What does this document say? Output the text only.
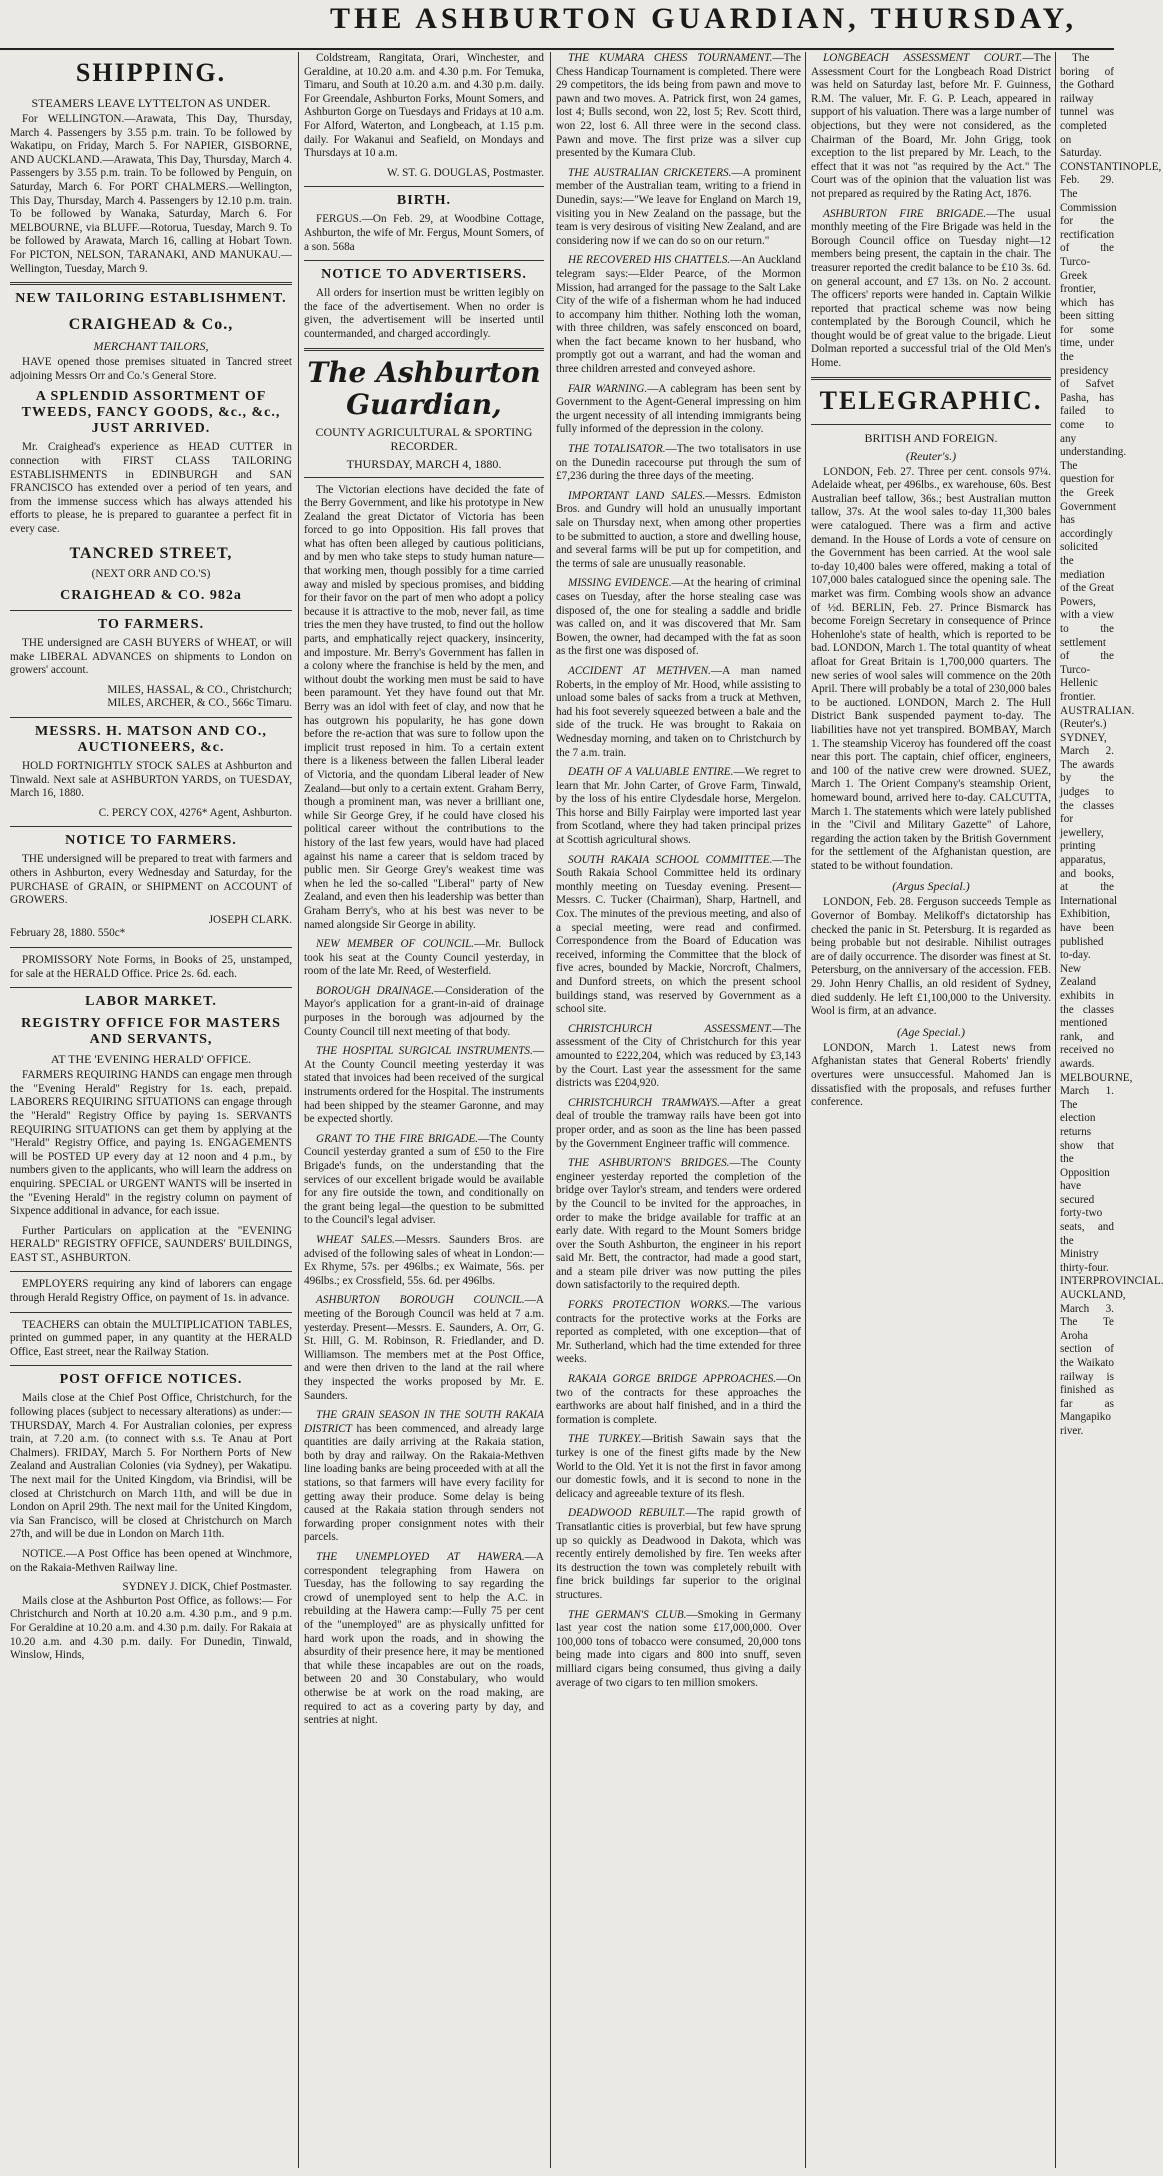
THE ASHBURTON GUARDIAN, THURSDAY,
SHIPPING.
STEAMERS LEAVE LYTTELTON AS UNDER.

For WELLINGTON.—Arawata, This Day, Thursday, March 4. Passengers by 3.55 p.m. train. To be followed by Wakatipu, on Friday, March 5. For NAPIER, GISBORNE, AND AUCKLAND.—Arawata, This Day, Thursday, March 4. Passengers by 3.55 p.m. train. To be followed by Penguin, on Saturday, March 6. For PORT CHALMERS.—Wellington, This Day, Thursday, March 4. Passengers by 12.10 p.m. train. To be followed by Wanaka, Saturday, March 6. For MELBOURNE, via BLUFF.—Rotorua, Tuesday, March 9. To be followed by Arawata, March 16, calling at Hobart Town. For PICTON, NELSON, TARANAKI, AND MANUKAU.—Wellington, Tuesday, March 9.

NEW TAILORING ESTABLISHMENT.
CRAIGHEAD & Co.,
MERCHANT TAILORS,

HAVE opened those premises situated in Tancred street adjoining Messrs Orr and Co.'s General Store.

A SPLENDID ASSORTMENT OF TWEEDS, FANCY GOODS, &c., &c., JUST ARRIVED.

Mr. Craighead's experience as HEAD CUTTER in connection with FIRST CLASS TAILORING ESTABLISHMENTS in EDINBURGH and SAN FRANCISCO has extended over a period of ten years, and from the immense success which has always attended his efforts to please, he is prepared to guarantee a perfect fit in every case.

TANCRED STREET,
(NEXT ORR AND CO.'S)
CRAIGHEAD & CO. 982a
TO FARMERS.

THE undersigned are CASH BUYERS of WHEAT, or will make LIBERAL ADVANCES on shipments to London on growers' account.

MILES, HASSAL, & CO., Christchurch;
MILES, ARCHER, & CO., 566c Timaru.
MESSRS. H. MATSON AND CO., AUCTIONEERS, &c.

HOLD FORTNIGHTLY STOCK SALES at Ashburton and Tinwald. Next sale at ASHBURTON YARDS, on TUESDAY, March 16, 1880.

C. PERCY COX, 4276* Agent, Ashburton.
NOTICE TO FARMERS.

THE undersigned will be prepared to treat with farmers and others in Ashburton, every Wednesday and Saturday, for the PURCHASE of GRAIN, or SHIPMENT on ACCOUNT of GROWERS.

JOSEPH CLARK.
February 28, 1880. 550c*

PROMISSORY Note Forms, in Books of 25, unstamped, for sale at the HERALD Office. Price 2s. 6d. each.

LABOR MARKET.
REGISTRY OFFICE FOR MASTERS AND SERVANTS,
AT THE 'EVENING HERALD' OFFICE.

FARMERS REQUIRING HANDS can engage men through the "Evening Herald" Registry for 1s. each, prepaid. LABORERS REQUIRING SITUATIONS can engage through the "Herald" Registry Office by paying 1s. SERVANTS REQUIRING SITUATIONS can get them by applying at the "Herald" Registry Office, and paying 1s. ENGAGEMENTS will be POSTED UP every day at 12 noon and 4 p.m., by numbers given to the applicants, who will learn the address on enquiring. SPECIAL or URGENT WANTS will be inserted in the "Evening Herald" in the registry column on payment of Sixpence additional in advance, for each issue.

Further Particulars on application at the "EVENING HERALD" REGISTRY OFFICE, SAUNDERS' BUILDINGS, EAST ST., ASHBURTON.

EMPLOYERS requiring any kind of laborers can engage through Herald Registry Office, on payment of 1s. in advance.

TEACHERS can obtain the MULTIPLICATION TABLES, printed on gummed paper, in any quantity at the HERALD Office, East street, near the Railway Station.

POST OFFICE NOTICES.

Mails close at the Chief Post Office, Christchurch, for the following places (subject to necessary alterations) as under:— THURSDAY, March 4. For Australian colonies, per express train, at 7.20 a.m. (to connect with s.s. Te Anau at Port Chalmers). FRIDAY, March 5. For Northern Ports of New Zealand and Australian Colonies (via Sydney), per Wakatipu. The next mail for the United Kingdom, via Brindisi, will be closed at Christchurch on March 11th, and will be due in London on April 29th. The next mail for the United Kingdom, via San Francisco, will be closed at Christchurch on March 27th, and will be due in London on March 11th.

NOTICE.—A Post Office has been opened at Winchmore, on the Rakaia-Methven Railway line.

SYDNEY J. DICK, Chief Postmaster.

Mails close at the Ashburton Post Office, as follows:— For Christchurch and North at 10.20 a.m. 4.30 p.m., and 9 p.m. For Geraldine at 10.20 a.m. and 4.30 p.m. daily. For Rakaia at 10.20 a.m. and 4.30 p.m. daily. For Dunedin, Tinwald, Winslow, Hinds,

Coldstream, Rangitata, Orari, Winchester, and Geraldine, at 10.20 a.m. and 4.30 p.m. For Temuka, Timaru, and South at 10.20 a.m. and 4.30 p.m. daily. For Greendale, Ashburton Forks, Mount Somers, and Ashburton Gorge on Tuesdays and Fridays at 10 a.m. For Alford, Waterton, and Longbeach, at 1.15 p.m. daily. For Wakanui and Seafield, on Mondays and Thursdays at 10 a.m.

W. ST. G. DOUGLAS, Postmaster.
BIRTH.

FERGUS.—On Feb. 29, at Woodbine Cottage, Ashburton, the wife of Mr. Fergus, Mount Somers, of a son. 568a

NOTICE TO ADVERTISERS.

All orders for insertion must be written legibly on the face of the advertisement. When no order is given, the advertisement will be inserted until countermanded, and charged accordingly.

The Ashburton Guardian,
COUNTY AGRICULTURAL & SPORTING RECORDER.
THURSDAY, MARCH 4, 1880.

The Victorian elections have decided the fate of the Berry Government, and like his prototype in New Zealand the great Dictator of Victoria has been forced to go into Opposition. His fall proves that what has often been alleged by cautious politicians, and by men who take steps to study human nature—that working men, though possibly for a time carried away and misled by specious promises, and bidding for their favor on the part of men who adopt a policy because it is attractive to the mob, never fail, as time tries the men they have trusted, to find out the hollow parts, and emphatically reject quackery, insincerity, and imposture. Mr. Berry's Government has fallen in a colony where the franchise is held by the men, and without doubt the working men must be said to have been paramount. Yet they have found out that Mr. Berry was an idol with feet of clay, and now that he has outgrown his popularity, he has gone down before the re-action that was sure to follow upon the implicit trust reposed in him. To a certain extent there is a likeness between the fallen Liberal leader of Victoria, and the quondam Liberal leader of New Zealand—but only to a certain extent. Graham Berry, though a prominent man, was never a brilliant one, while Sir George Grey, if he could have closed his political career without the contributions to the history of the last few years, would have had placed against his name a career that is seldom traced by public men. Sir George Grey's weakest time was when he led the so-called "Liberal" party of New Zealand, and even then his leadership was better than Graham Berry's, who at his best was never to be named alongside Sir George in ability.

NEW MEMBER OF COUNCIL.—Mr. Bullock took his seat at the County Council yesterday, in room of the late Mr. Reed, of Westerfield.

BOROUGH DRAINAGE.—Consideration of the Mayor's application for a grant-in-aid of drainage purposes in the borough was adjourned by the County Council till next meeting of that body.

THE HOSPITAL SURGICAL INSTRUMENTS.—At the County Council meeting yesterday it was stated that invoices had been received of the surgical instruments ordered for the Hospital. The instruments had been shipped by the steamer Garonne, and may be expected shortly.

GRANT TO THE FIRE BRIGADE.—The County Council yesterday granted a sum of £50 to the Fire Brigade's funds, on the understanding that the services of our excellent brigade would be available for any fire outside the town, and conditionally on the grant being legal—the question to be submitted to the Council's legal adviser.

WHEAT SALES.—Messrs. Saunders Bros. are advised of the following sales of wheat in London:—Ex Rhyme, 57s. per 496lbs.; ex Waimate, 56s. per 496lbs.; ex Crossfield, 55s. 6d. per 496lbs.

ASHBURTON BOROUGH COUNCIL.—A meeting of the Borough Council was held at 7 a.m. yesterday. Present—Messrs. E. Saunders, A. Orr, G. St. Hill, G. M. Robinson, R. Friedlander, and D. Williamson. The members met at the Post Office, and were then driven to the land at the rail where they inspected the works proposed by Mr. E. Saunders.

THE GRAIN SEASON IN THE SOUTH RAKAIA DISTRICT has been commenced, and already large quantities are daily arriving at the Rakaia station, both by dray and railway. On the Rakaia-Methven line loading banks are being proceeded with at all the stations, so that farmers will have every facility for getting away their produce. Some delay is being caused at the Rakaia station through senders not forwarding proper consignment notes with their parcels.

THE UNEMPLOYED AT HAWERA.—A correspondent telegraphing from Hawera on Tuesday, has the following to say regarding the crowd of unemployed sent to help the A.C. in rebuilding at the Hawera camp:—Fully 75 per cent of the "unemployed" are as physically unfitted for hard work upon the roads, and in showing the absurdity of their presence here, it may be mentioned that while these incapables are out on the roads, between 20 and 30 Constabulary, who would otherwise be at work on the road making, are required to act as a covering party by day, and sentries at night.

THE KUMARA CHESS TOURNAMENT.—The Chess Handicap Tournament is completed. There were 29 competitors, the ids being from pawn and move to pawn and two moves. A. Patrick first, won 24 games, lost 4; Bulls second, won 22, lost 5; Rev. Scott third, won 22, lost 6. All three were in the second class. Pawn and move. The first prize was a silver cup presented by the Kumara Club.

THE AUSTRALIAN CRICKETERS.—A prominent member of the Australian team, writing to a friend in Dunedin, says:—"We leave for England on March 19, visiting you in New Zealand on the passage, but the team is very desirous of visiting New Zealand, and are considering now if we can do so on our return."

HE RECOVERED HIS CHATTELS.—An Auckland telegram says:—Elder Pearce, of the Mormon Mission, had arranged for the passage to the Salt Lake City of the wife of a fisherman whom he had induced to accompany him thither. Nothing loth the woman, with three children, was safely ensconced on board, when the fact became known to her husband, who promptly got out a warrant, and had the woman and three children arrested and conveyed ashore.

FAIR WARNING.—A cablegram has been sent by Government to the Agent-General impressing on him the urgent necessity of all intending immigrants being fully informed of the depression in the colony.

THE TOTALISATOR.—The two totalisators in use on the Dunedin racecourse put through the sum of £7,236 during the three days of the meeting.

IMPORTANT LAND SALES.—Messrs. Edmiston Bros. and Gundry will hold an unusually important sale on Thursday next, when among other properties to be submitted to auction, a store and dwelling house, and several farms will be put up for competition, and the terms of sale are unusually reasonable.

MISSING EVIDENCE.—At the hearing of criminal cases on Tuesday, after the horse stealing case was disposed of, the one for stealing a saddle and bridle was called on, and it was discovered that Mr. Sam Bowen, the owner, had decamped with the fat as soon as the first one was disposed of.

ACCIDENT AT METHVEN.—A man named Roberts, in the employ of Mr. Hood, while assisting to unload some bales of sacks from a truck at Methven, had his foot severely squeezed between a bale and the side of the truck. He was brought to Rakaia on Wednesday morning, and taken on to Christchurch by the 7 a.m. train.

DEATH OF A VALUABLE ENTIRE.—We regret to learn that Mr. John Carter, of Grove Farm, Tinwald, by the loss of his entire Clydesdale horse, Mergelon. This horse and Billy Fairplay were imported last year from Scotland, where they had taken principal prizes at Scottish agricultural shows.

SOUTH RAKAIA SCHOOL COMMITTEE.—The South Rakaia School Committee held its ordinary monthly meeting on Tuesday evening. Present—Messrs. C. Tucker (Chairman), Sharp, Hartnell, and Cox. The minutes of the previous meeting, and also of a special meeting, were read and confirmed. Correspondence from the Board of Education was received, informing the Committee that the block of five acres, bounded by Mackie, Norcroft, Chalmers, and Dunford streets, on which the present school buildings stand, was reserved by Government as a school site.

CHRISTCHURCH ASSESSMENT.—The assessment of the City of Christchurch for this year amounted to £222,204, which was reduced by £3,143 by the Court. Last year the assessment for the same districts was £204,920.

CHRISTCHURCH TRAMWAYS.—After a great deal of trouble the tramway rails have been got into proper order, and as soon as the line has been passed by the Government Engineer traffic will commence.

THE ASHBURTON'S BRIDGES.—The County engineer yesterday reported the completion of the bridge over Taylor's stream, and tenders were ordered by the Council to be invited for the approaches, in order to make the bridge available for traffic at an early date. With regard to the Mount Somers bridge over the South Ashburton, the engineer in his report said Mr. Bett, the contractor, had made a good start, and a steam pile driver was now putting the piles down satisfactorily to the required depth.

FORKS PROTECTION WORKS.—The various contracts for the protective works at the Forks are reported as completed, with one exception—that of Mr. Sutherland, which had the time extended for three weeks.

RAKAIA GORGE BRIDGE APPROACHES.—On two of the contracts for these approaches the earthworks are about half finished, and in a third the formation is complete.

THE TURKEY.—British Sawain says that the turkey is one of the finest gifts made by the New World to the Old. Yet it is not the first in favor among our domestic fowls, and it is second to none in the delicacy and agreeable texture of its flesh.

DEADWOOD REBUILT.—The rapid growth of Transatlantic cities is proverbial, but few have sprung up so quickly as Deadwood in Dakota, which was recently entirely demolished by fire. Ten weeks after its destruction the town was completely rebuilt with fine brick buildings far superior to the original structures.

THE GERMAN'S CLUB.—Smoking in Germany last year cost the nation some £17,000,000. Over 100,000 tons of tobacco were consumed, 20,000 tons being made into cigars and 800 into snuff, seven milliard cigars being consumed, thus giving a daily average of two cigars to ten million smokers.

LONGBEACH ASSESSMENT COURT.—The Assessment Court for the Longbeach Road District was held on Saturday last, before Mr. F. Guinness, R.M. The valuer, Mr. F. G. P. Leach, appeared in support of his valuation. There was a large number of objections, but they were not considered, as the Chairman of the Board, Mr. John Grigg, took exception to the list prepared by Mr. Leach, to the effect that it was not "as required by the Act." The Court was of the opinion that the valuation list was not prepared as required by the Rating Act, 1876.

ASHBURTON FIRE BRIGADE.—The usual monthly meeting of the Fire Brigade was held in the Borough Council office on Tuesday night—12 members being present, the captain in the chair. The treasurer reported the credit balance to be £10 3s. 6d. on general account, and £7 13s. on No. 2 account. The officers' reports were handed in. Captain Wilkie reported that practical scheme was now being contemplated by the Borough Council, which he thought would be of great value to the brigade. Lieut Dolman reported a successful trial of the Old Men's Home.

TELEGRAPHIC.
BRITISH AND FOREIGN.
(Reuter's.)

LONDON, Feb. 27. Three per cent. consols 97¼. Adelaide wheat, per 496lbs., ex warehouse, 60s. Best Australian beef tallow, 36s.; best Australian mutton tallow, 37s. At the wool sales to-day 11,300 bales were catalogued. There was a firm and active demand. In the House of Lords a vote of censure on the Government has been carried. At the wool sale to-day 10,400 bales were offered, making a total of 107,000 bales catalogued since the opening sale. The market was firm. Combing wools show an advance of ½d. BERLIN, Feb. 27. Prince Bismarck has become Foreign Secretary in consequence of Prince Hohenlohe's state of health, which is reported to be bad. LONDON, March 1. The total quantity of wheat afloat for Great Britain is 1,700,000 quarters. The new series of wool sales will commence on the 20th April. There will probably be a total of 230,000 bales to be auctioned. LONDON, March 2. The Hull District Bank suspended payment to-day. The liabilities have not yet transpired. BOMBAY, March 1. The steamship Viceroy has foundered off the coast near this port. The captain, chief officer, engineers, and 100 of the native crew were drowned. SUEZ, March 1. The Orient Company's steamship Orient, homeward bound, arrived here to-day. CALCUTTA, March 1. The statements which were lately published in the "Civil and Military Gazette" of Lahore, regarding the action taken by the British Government for the settlement of the Afghanistan question, are stated to be without foundation.

(Argus Special.)

LONDON, Feb. 28. Ferguson succeeds Temple as Governor of Bombay. Melikoff's dictatorship has checked the panic in St. Petersburg. It is regarded as being probable but not desirable. Nihilist outrages are of daily occurrence. The disorder was finest at St. Petersburg, on the anniversary of the accession. FEB. 29. John Henry Challis, an old resident of Sydney, died suddenly. He left £1,100,000 to the University. Wool is firm, at an advance.

(Age Special.)

LONDON, March 1. Latest news from Afghanistan states that General Roberts' friendly overtures were unsuccessful. Mahomed Jan is dissatisfied with the proposals, and refuses further conference.

The boring of the Gothard railway tunnel was completed on Saturday. CONSTANTINOPLE, Feb. 29. The Commission for the rectification of the Turco-Greek frontier, which has been sitting for some time, under the presidency of Safvet Pasha, has failed to come to any understanding. The question for the Greek Government has accordingly solicited the mediation of the Great Powers, with a view to the settlement of the Turco-Hellenic frontier. AUSTRALIAN. (Reuter's.) SYDNEY, March 2. The awards by the judges to the classes for jewellery, printing apparatus, and books, at the International Exhibition, have been published to-day. New Zealand exhibits in the classes mentioned rank, and received no awards. MELBOURNE, March 1. The election returns show that the Opposition have secured forty-two seats, and the Ministry thirty-four. INTERPROVINCIAL. AUCKLAND, March 3. The Te Aroha section of the Waikato railway is finished as far as Mangapiko river.
